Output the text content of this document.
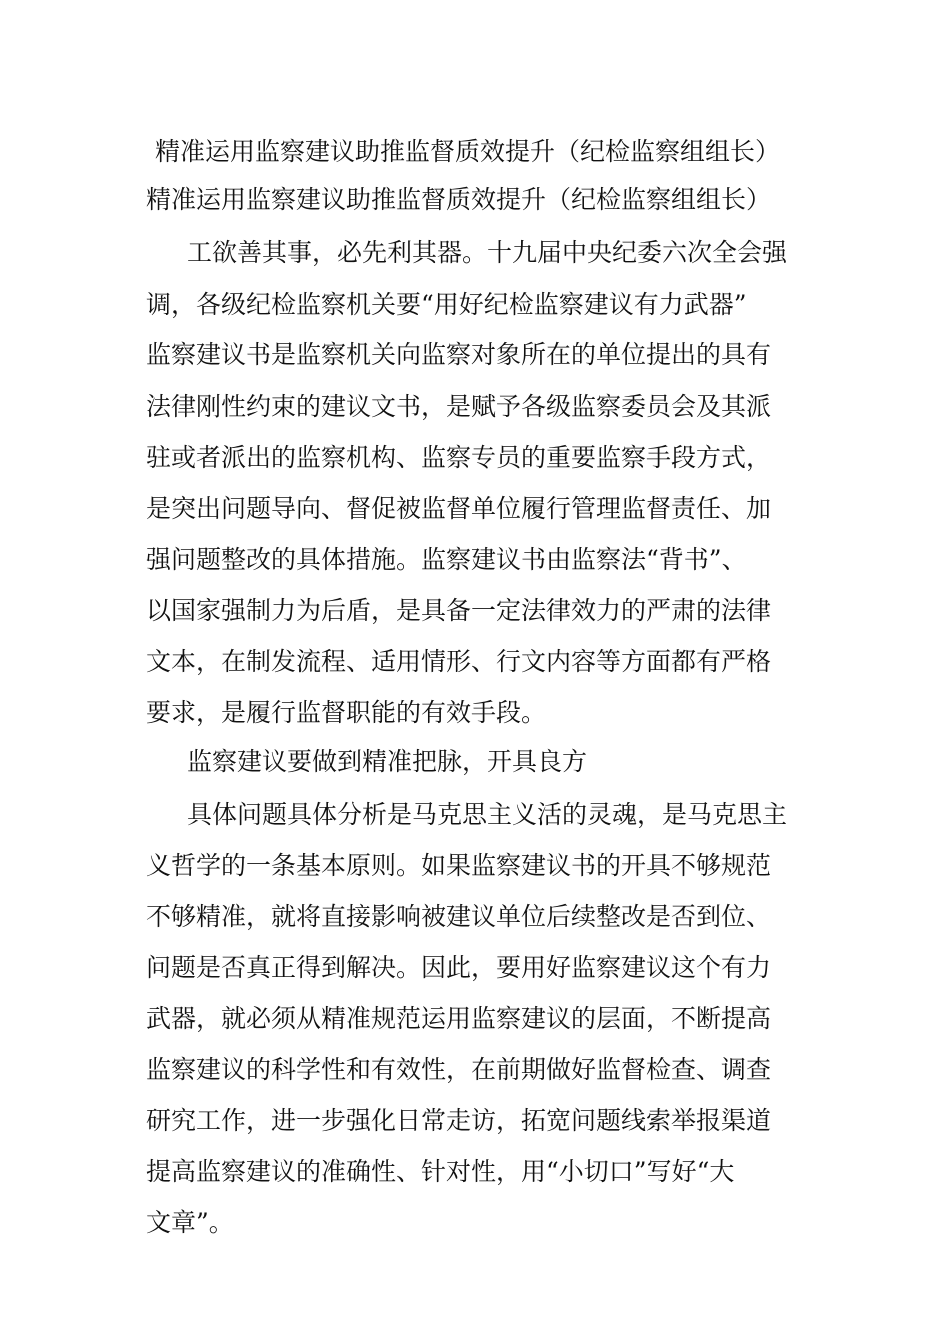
精准运用监察建议助推监督质效提升（纪检监察组组长）
精准运用监察建议助推监督质效提升（纪检监察组组长）
工欲善其事，必先利其器。十九届中央纪委六次全会强
调，各级纪检监察机关要“用好纪检监察建议有力武器”
监察建议书是监察机关向监察对象所在的单位提出的具有
法律刚性约束的建议文书，是赋予各级监察委员会及其派
驻或者派出的监察机构、监察专员的重要监察手段方式，
是突出问题导向、督促被监督单位履行管理监督责任、加
强问题整改的具体措施。监察建议书由监察法“背书”、
以国家强制力为后盾，是具备一定法律效力的严肃的法律
文本，在制发流程、适用情形、行文内容等方面都有严格
要求，是履行监督职能的有效手段。
监察建议要做到精准把脉，开具良方
具体问题具体分析是马克思主义活的灵魂，是马克思主
义哲学的一条基本原则。如果监察建议书的开具不够规范
不够精准，就将直接影响被建议单位后续整改是否到位、
问题是否真正得到解决。因此，要用好监察建议这个有力
武器，就必须从精准规范运用监察建议的层面，不断提高
监察建议的科学性和有效性，在前期做好监督检查、调查
研究工作，进一步强化日常走访，拓宽问题线索举报渠道
提高监察建议的准确性、针对性，用“小切口”写好“大
文章”。
